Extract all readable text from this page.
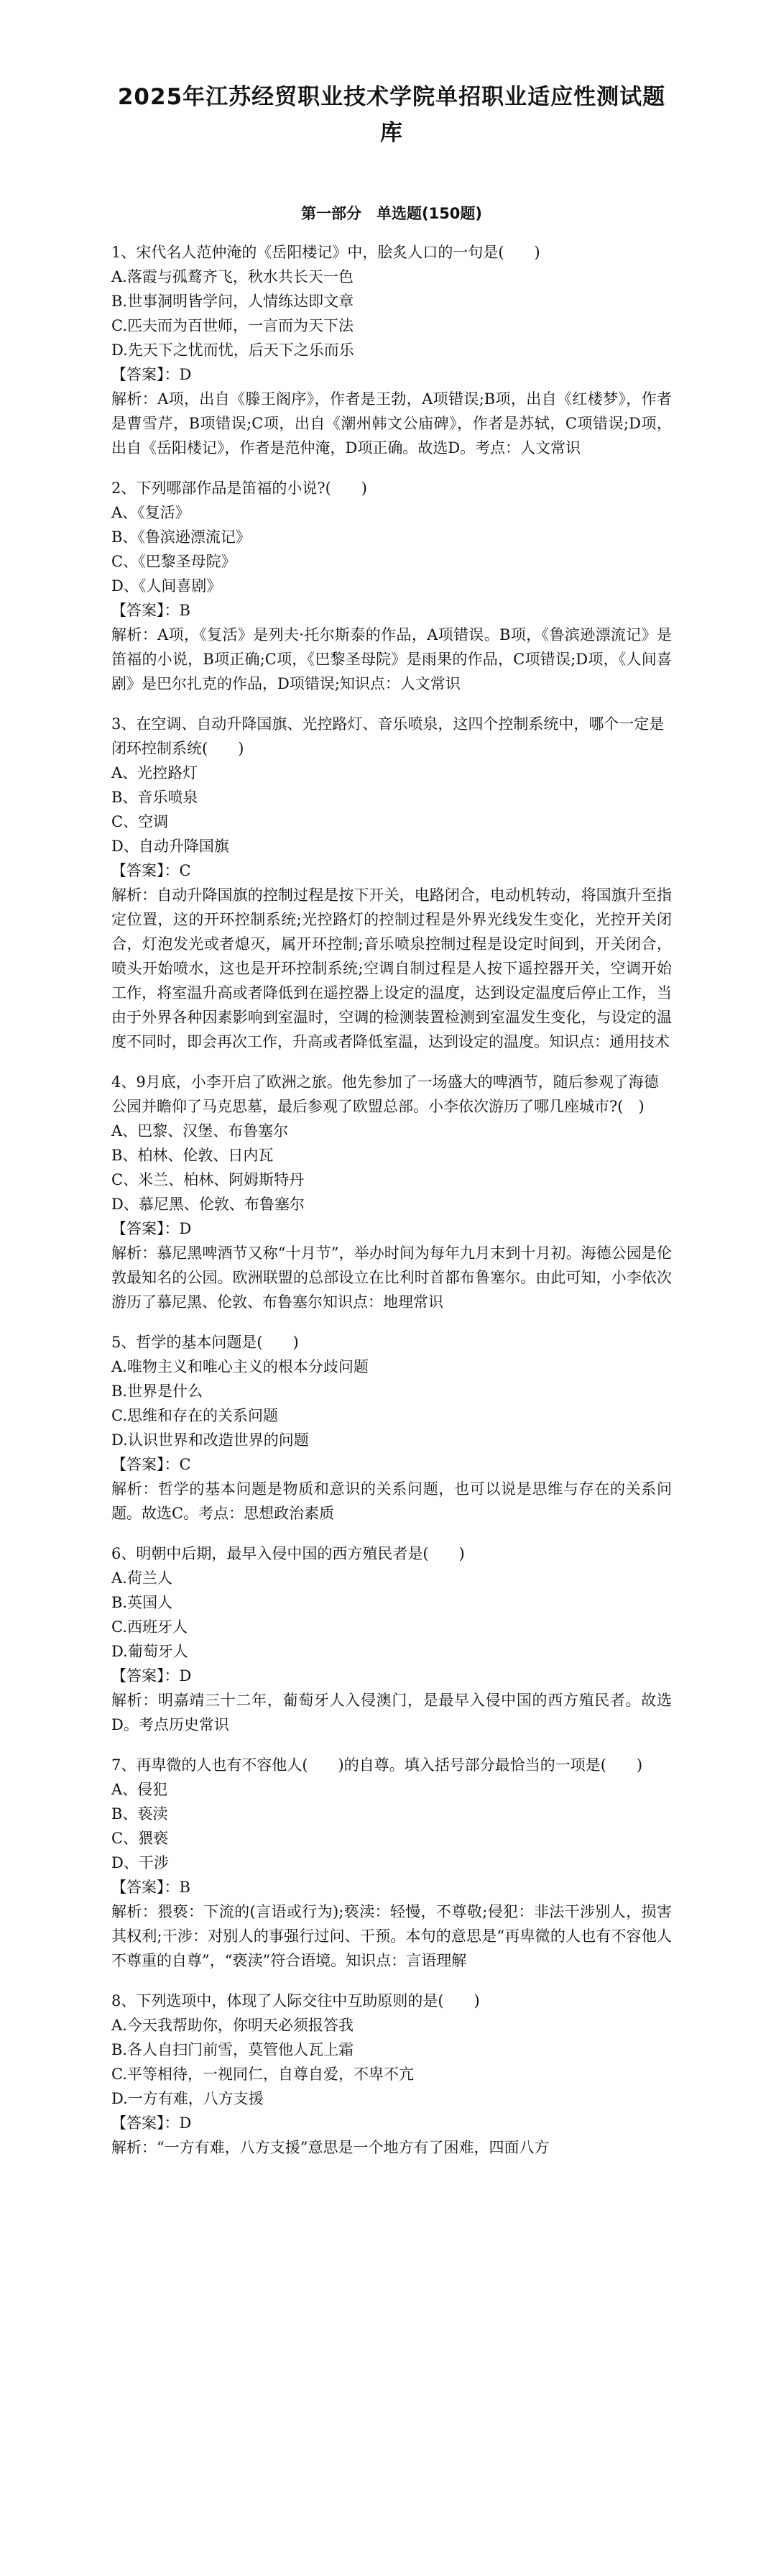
2025年江苏经贸职业技术学院单招职业适应性测试题库
第一部分　单选题(150题)
1、宋代名人范仲淹的《岳阳楼记》中，脍炙人口的一句是(　　)
A.落霞与孤鹜齐飞，秋水共长天一色
B.世事洞明皆学问，人情练达即文章
C.匹夫而为百世师，一言而为天下法
D.先天下之忧而忧，后天下之乐而乐
【答案】：D
解析：A项，出自《滕王阁序》，作者是王勃，A项错误;B项，出自《红楼梦》，作者是曹雪芹，B项错误;C项，出自《潮州韩文公庙碑》，作者是苏轼，C项错误;D项，出自《岳阳楼记》，作者是范仲淹，D项正确。故选D。考点：人文常识
2、下列哪部作品是笛福的小说?(　　)
A、《复活》
B、《鲁滨逊漂流记》
C、《巴黎圣母院》
D、《人间喜剧》
【答案】：B
解析：A项，《复活》是列夫·托尔斯泰的作品，A项错误。B项，《鲁滨逊漂流记》是笛福的小说，B项正确;C项，《巴黎圣母院》是雨果的作品，C项错误;D项，《人间喜剧》是巴尔扎克的作品，D项错误;知识点：人文常识
3、在空调、自动升降国旗、光控路灯、音乐喷泉，这四个控制系统中，哪个一定是闭环控制系统(　　)
A、光控路灯
B、音乐喷泉
C、空调
D、自动升降国旗
【答案】：C
解析：自动升降国旗的控制过程是按下开关，电路闭合，电动机转动，将国旗升至指定位置，这的开环控制系统;光控路灯的控制过程是外界光线发生变化，光控开关闭合，灯泡发光或者熄灭，属开环控制;音乐喷泉控制过程是设定时间到，开关闭合，喷头开始喷水，这也是开环控制系统;空调自制过程是人按下遥控器开关，空调开始工作，将室温升高或者降低到在遥控器上设定的温度，达到设定温度后停止工作，当由于外界各种因素影响到室温时，空调的检测装置检测到室温发生变化，与设定的温度不同时，即会再次工作，升高或者降低室温，达到设定的温度。知识点：通用技术
4、9月底，小李开启了欧洲之旅。他先参加了一场盛大的啤酒节，随后参观了海德公园并瞻仰了马克思墓，最后参观了欧盟总部。小李依次游历了哪几座城市?(　)
A、巴黎、汉堡、布鲁塞尔
B、柏林、伦敦、日内瓦
C、米兰、柏林、阿姆斯特丹
D、慕尼黑、伦敦、布鲁塞尔
【答案】：D
解析：慕尼黑啤酒节又称“十月节”，举办时间为每年九月末到十月初。海德公园是伦敦最知名的公园。欧洲联盟的总部设立在比利时首都布鲁塞尔。由此可知，小李依次游历了慕尼黑、伦敦、布鲁塞尔知识点：地理常识
5、哲学的基本问题是(　　)
A.唯物主义和唯心主义的根本分歧问题
B.世界是什么
C.思维和存在的关系问题
D.认识世界和改造世界的问题
【答案】：C
解析：哲学的基本问题是物质和意识的关系问题，也可以说是思维与存在的关系问题。故选C。考点：思想政治素质
6、明朝中后期，最早入侵中国的西方殖民者是(　　)
A.荷兰人
B.英国人
C.西班牙人
D.葡萄牙人
【答案】：D
解析：明嘉靖三十二年，葡萄牙人入侵澳门，是最早入侵中国的西方殖民者。故选D。考点历史常识
7、再卑微的人也有不容他人(　　)的自尊。填入括号部分最恰当的一项是(　　)
A、侵犯
B、亵渎
C、猥亵
D、干涉
【答案】：B
解析：猥亵：下流的(言语或行为);亵渎：轻慢，不尊敬;侵犯：非法干涉别人，损害其权利;干涉：对别人的事强行过问、干预。本句的意思是“再卑微的人也有不容他人不尊重的自尊”，“亵渎”符合语境。知识点：言语理解
8、下列选项中，体现了人际交往中互助原则的是(　　)
A.今天我帮助你，你明天必须报答我
B.各人自扫门前雪，莫管他人瓦上霜
C.平等相待，一视同仁，自尊自爱，不卑不亢
D.一方有难，八方支援
【答案】：D
解析：“一方有难，八方支援”意思是一个地方有了困难，四面八方
